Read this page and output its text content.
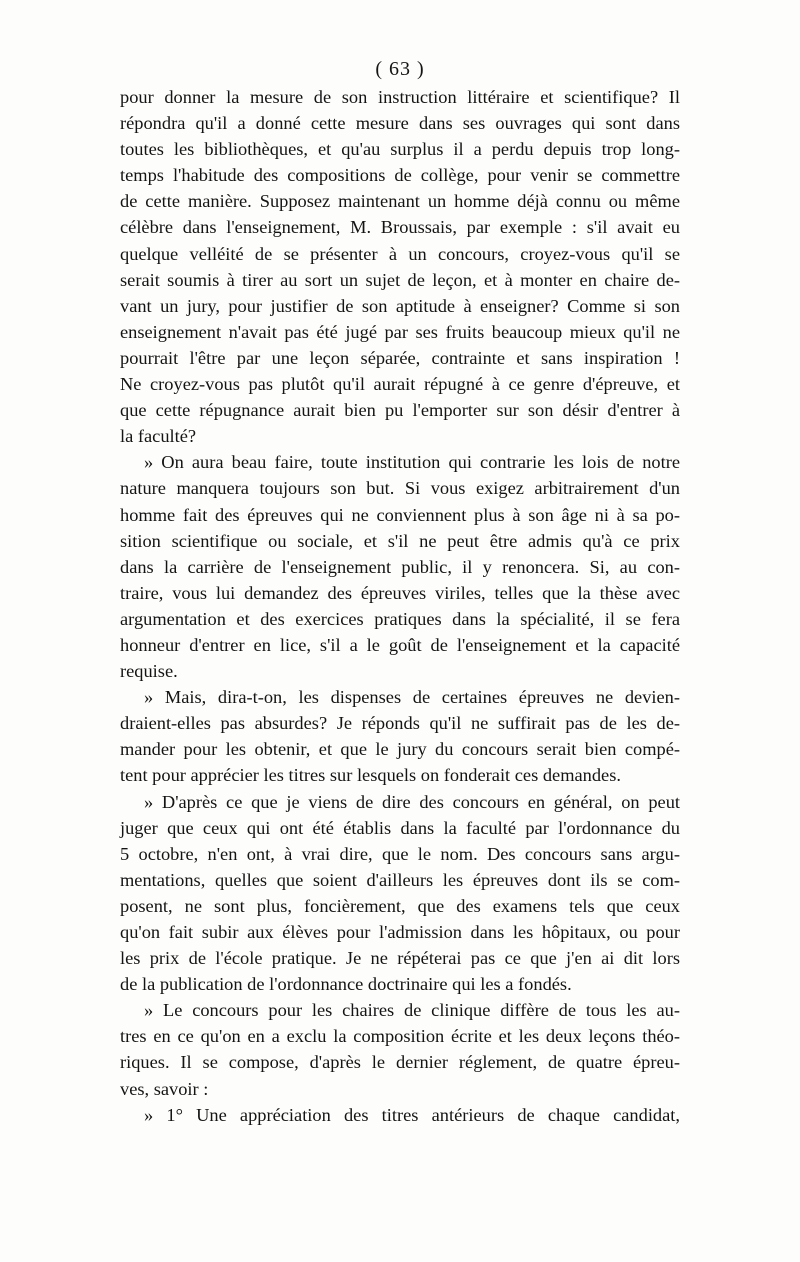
( 63 )
pour donner la mesure de son instruction littéraire et scientifique? Il
répondra qu'il a donné cette mesure dans ses ouvrages qui sont dans
toutes les bibliothèques, et qu'au surplus il a perdu depuis trop long-
temps l'habitude des compositions de collège, pour venir se commettre
de cette manière. Supposez maintenant un homme déjà connu ou même
célèbre dans l'enseignement, M. Broussais, par exemple : s'il avait eu
quelque velléité de se présenter à un concours, croyez-vous qu'il se
serait soumis à tirer au sort un sujet de leçon, et à monter en chaire de-
vant un jury, pour justifier de son aptitude à enseigner? Comme si son
enseignement n'avait pas été jugé par ses fruits beaucoup mieux qu'il ne
pourrait l'être par une leçon séparée, contrainte et sans inspiration !
Ne croyez-vous pas plutôt qu'il aurait répugné à ce genre d'épreuve, et
que cette répugnance aurait bien pu l'emporter sur son désir d'entrer à
la faculté?
» On aura beau faire, toute institution qui contrarie les lois de notre
nature manquera toujours son but. Si vous exigez arbitrairement d'un
homme fait des épreuves qui ne conviennent plus à son âge ni à sa po-
sition scientifique ou sociale, et s'il ne peut être admis qu'à ce prix
dans la carrière de l'enseignement public, il y renoncera. Si, au con-
traire, vous lui demandez des épreuves viriles, telles que la thèse avec
argumentation et des exercices pratiques dans la spécialité, il se fera
honneur d'entrer en lice, s'il a le goût de l'enseignement et la capacité
requise.
» Mais, dira-t-on, les dispenses de certaines épreuves ne devien-
draient-elles pas absurdes? Je réponds qu'il ne suffirait pas de les de-
mander pour les obtenir, et que le jury du concours serait bien compé-
tent pour apprécier les titres sur lesquels on fonderait ces demandes.
» D'après ce que je viens de dire des concours en général, on peut
juger que ceux qui ont été établis dans la faculté par l'ordonnance du
5 octobre, n'en ont, à vrai dire, que le nom. Des concours sans argu-
mentations, quelles que soient d'ailleurs les épreuves dont ils se com-
posent, ne sont plus, foncièrement, que des examens tels que ceux
qu'on fait subir aux élèves pour l'admission dans les hôpitaux, ou pour
les prix de l'école pratique. Je ne répéterai pas ce que j'en ai dit lors
de la publication de l'ordonnance doctrinaire qui les a fondés.
» Le concours pour les chaires de clinique diffère de tous les au-
tres en ce qu'on en a exclu la composition écrite et les deux leçons théo-
riques. Il se compose, d'après le dernier réglement, de quatre épreu-
ves, savoir :
» 1° Une appréciation des titres antérieurs de chaque candidat,
